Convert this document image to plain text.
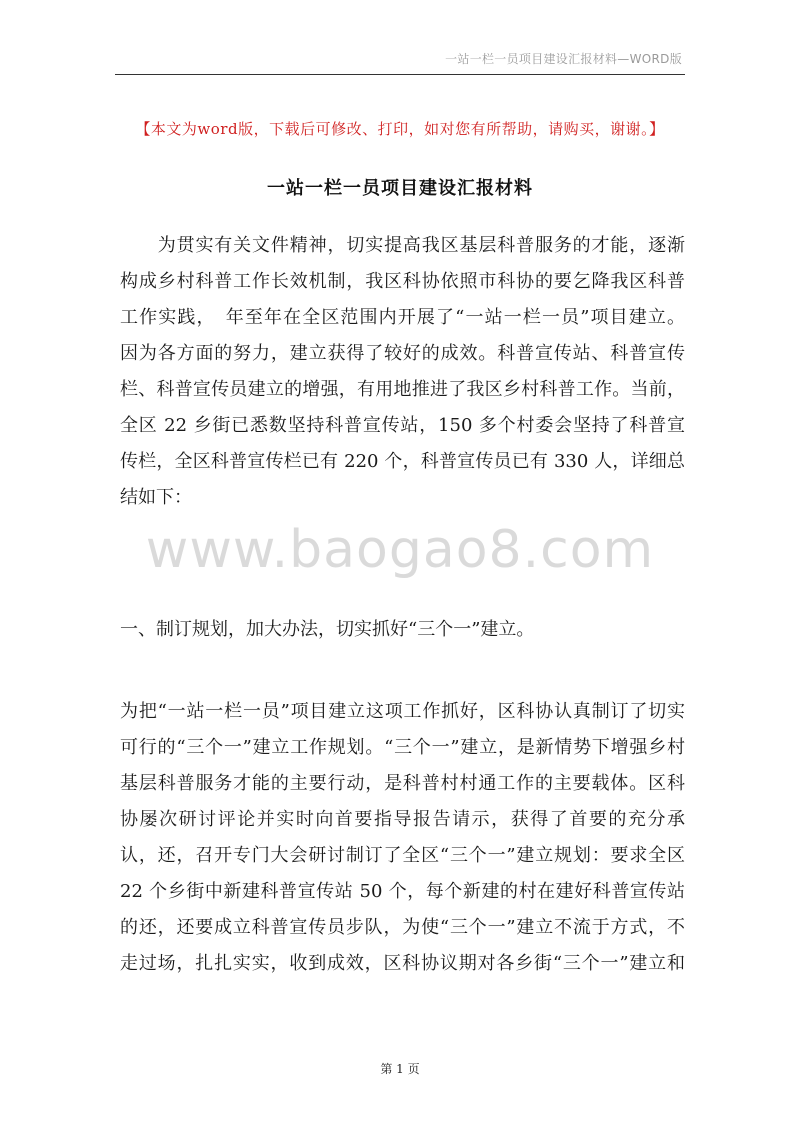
一站一栏一员项目建设汇报材料—WORD版
【本文为word版，下载后可修改、打印，如对您有所帮助，请购买，谢谢。】
一站一栏一员项目建设汇报材料
　　为贯实有关文件精神，切实提高我区基层科普服务的才能，逐渐
构成乡村科普工作长效机制，我区科协依照市科协的要乞降我区科普
工作实践，　年至年在全区范围内开展了“一站一栏一员”项目建立。
因为各方面的努力，建立获得了较好的成效。科普宣传站、科普宣传
栏、科普宣传员建立的增强，有用地推进了我区乡村科普工作。当前，
全区 22 乡街已悉数坚持科普宣传站，150 多个村委会坚持了科普宣
传栏，全区科普宣传栏已有 220 个，科普宣传员已有 330 人，详细总
结如下：
www.baogao8.com
一、制订规划，加大办法，切实抓好“三个一”建立。
为把“一站一栏一员”项目建立这项工作抓好，区科协认真制订了切实
可行的“三个一”建立工作规划。“三个一”建立，是新情势下增强乡村
基层科普服务才能的主要行动，是科普村村通工作的主要载体。区科
协屡次研讨评论并实时向首要指导报告请示，获得了首要的充分承
认，还，召开专门大会研讨制订了全区“三个一”建立规划：要求全区
22 个乡街中新建科普宣传站 50 个，每个新建的村在建好科普宣传站
的还，还要成立科普宣传员步队，为使“三个一”建立不流于方式，不
走过场，扎扎实实，收到成效，区科协议期对各乡街“三个一”建立和
第 1 页
